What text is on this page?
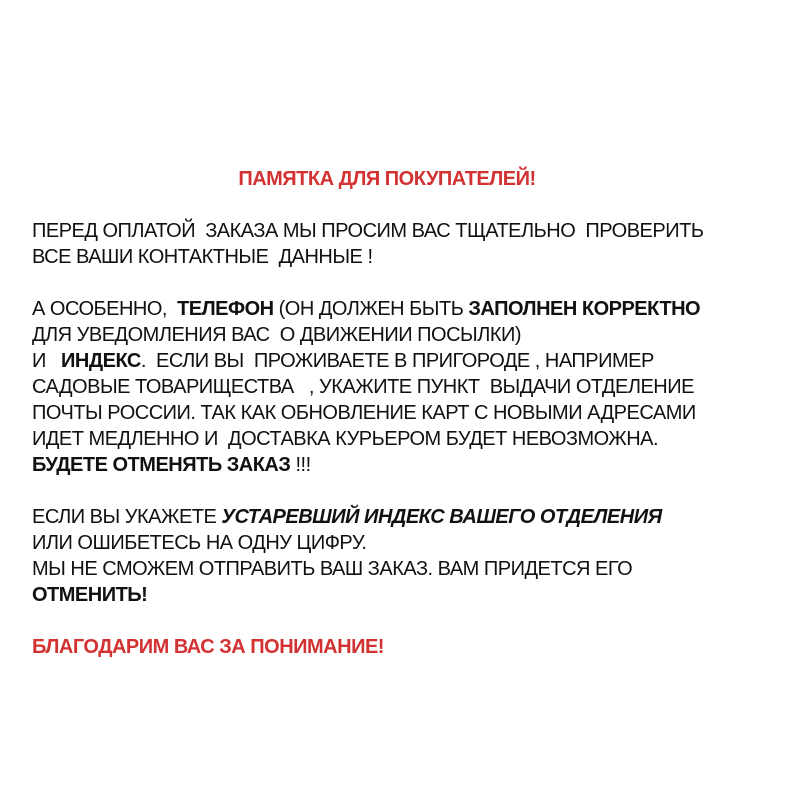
ПАМЯТКА ДЛЯ ПОКУПАТЕЛЕЙ!
ПЕРЕД ОПЛАТОЙ  ЗАКАЗА МЫ ПРОСИМ ВАС ТЩАТЕЛЬНО  ПРОВЕРИТЬ
ВСЕ ВАШИ КОНТАКТНЫЕ  ДАННЫЕ !
А ОСОБЕННО,  ТЕЛЕФОН (ОН ДОЛЖЕН БЫТЬ ЗАПОЛНЕН КОРРЕКТНО
ДЛЯ УВЕДОМЛЕНИЯ ВАС  О ДВИЖЕНИИ ПОСЫЛКИ)
И   ИНДЕКС.  ЕСЛИ ВЫ  ПРОЖИВАЕТЕ В ПРИГОРОДЕ , НАПРИМЕР
САДОВЫЕ ТОВАРИЩЕСТВА   , УКАЖИТЕ ПУНКТ  ВЫДАЧИ ОТДЕЛЕНИЕ
ПОЧТЫ РОССИИ. ТАК КАК ОБНОВЛЕНИЕ КАРТ С НОВЫМИ АДРЕСАМИ
ИДЕТ МЕДЛЕННО И  ДОСТАВКА КУРЬЕРОМ БУДЕТ НЕВОЗМОЖНА.
БУДЕТЕ ОТМЕНЯТЬ ЗАКАЗ !!!
ЕСЛИ ВЫ УКАЖЕТЕ УСТАРЕВШИЙ ИНДЕКС ВАШЕГО ОТДЕЛЕНИЯ
ИЛИ ОШИБЕТЕСЬ НА ОДНУ ЦИФРУ.
МЫ НЕ СМОЖЕМ ОТПРАВИТЬ ВАШ ЗАКАЗ. ВАМ ПРИДЕТСЯ ЕГО
ОТМЕНИТЬ!
БЛАГОДАРИМ ВАС ЗА ПОНИМАНИЕ!
